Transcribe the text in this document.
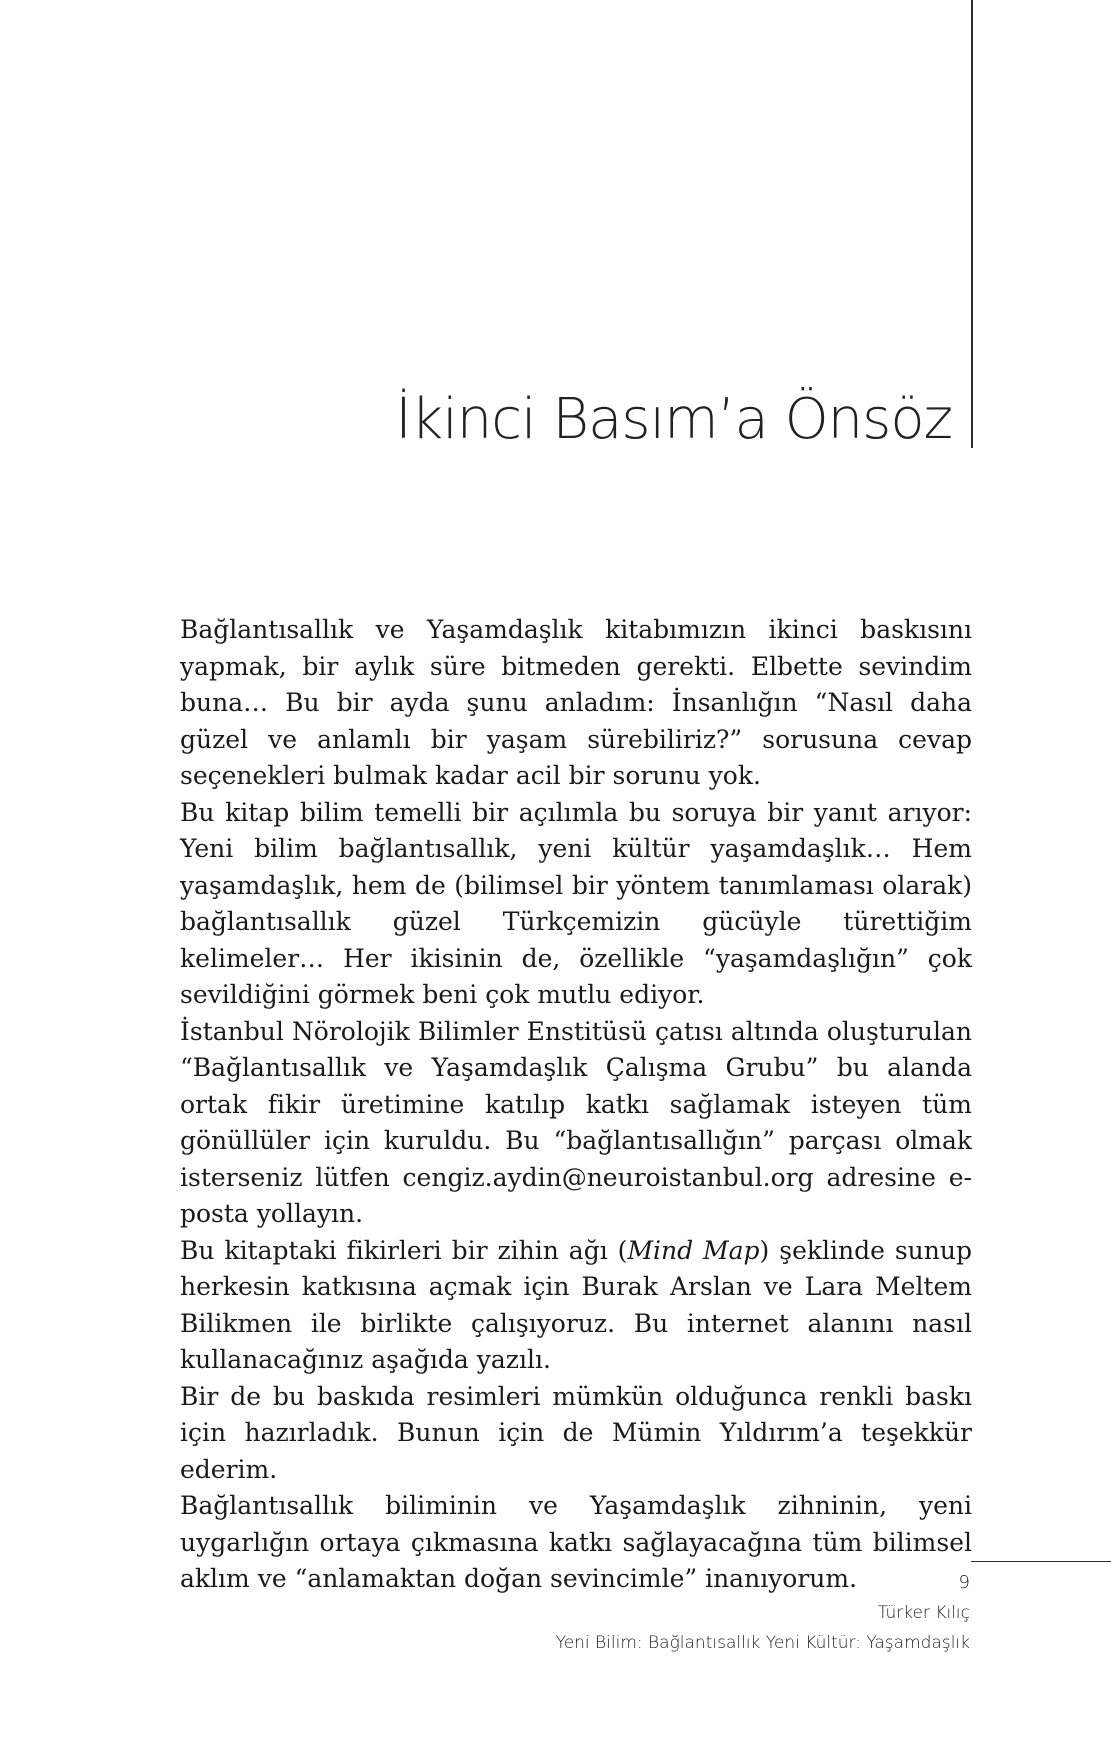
İkinci Basım’a Önsöz

Bağlantısallık ve Yaşamdaşlık kitabımızın ikinci baskısını yapmak, bir aylık süre bitmeden gerekti. Elbette sevindim buna… Bu bir ayda şunu anladım: İnsanlığın “Nasıl daha güzel ve anlamlı bir yaşam sürebiliriz?” sorusuna cevap seçenekleri bulmak kadar acil bir sorunu yok.

Bu kitap bilim temelli bir açılımla bu soruya bir yanıt arıyor: Yeni bilim bağlantısallık, yeni kültür yaşamdaşlık… Hem yaşamdaşlık, hem de (bilimsel bir yöntem tanımlaması olarak) bağlantısallık güzel Türkçemizin gücüyle türettiğim kelimeler… Her ikisinin de, özellikle “yaşamdaşlığın” çok sevildiğini görmek beni çok mutlu ediyor.

İstanbul Nörolojik Bilimler Enstitüsü çatısı altında oluşturulan “Bağlantısallık ve Yaşamdaşlık Çalışma Grubu” bu alanda ortak fikir üretimine katılıp katkı sağlamak isteyen tüm gönüllüler için kuruldu. Bu “bağlantısallığın” parçası olmak isterseniz lütfen cengiz.aydin@neuroistanbul.org adresine e-posta yollayın.

Bu kitaptaki fikirleri bir zihin ağı (Mind Map) şeklinde sunup herkesin katkısına açmak için Burak Arslan ve Lara Meltem Bilikmen ile birlikte çalışıyoruz. Bu internet alanını nasıl kullanacağınız aşağıda yazılı.

Bir de bu baskıda resimleri mümkün olduğunca renkli baskı için hazırladık. Bunun için de Mümin Yıldırım’a teşekkür ederim.

Bağlantısallık biliminin ve Yaşamdaşlık zihninin, yeni uygarlığın ortaya çıkmasına katkı sağlayacağına tüm bilimsel aklım ve “anlamaktan doğan sevincimle” inanıyorum.	9
Türker Kılıç
Yeni Bilim: Bağlantısallık Yeni Kültür: Yaşamdaşlık
